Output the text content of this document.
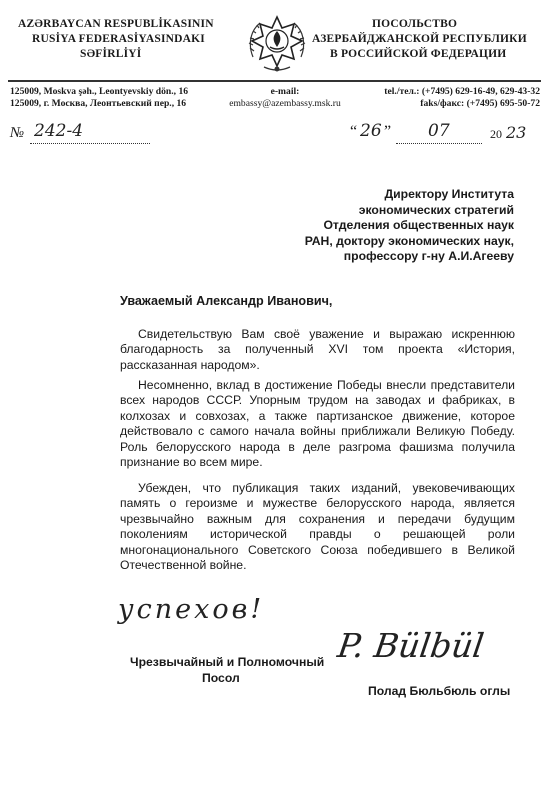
AZƏRBAYCAN RESPUBLİKASININ
RUSİYA FEDERASİYASINDAKI
SƏFİRLİYİ
ПОСОЛЬСТВО
АЗЕРБАЙДЖАНСКОЙ РЕСПУБЛИКИ
В РОССИЙСКОЙ ФЕДЕРАЦИИ
125009, Moskva şəh., Leontyevskiy dön., 16
125009, г. Москва, Леонтьевский пер., 16
e-mail:
embassy@azembassy.msk.ru
tel./тел.: (+7495) 629-16-49, 629-43-32
faks/факс: (+7495) 695-50-72
№ 242-4	“ 26 ” 07	20 23
Директору Института
экономических стратегий
Отделения общественных наук
РАН, доктору экономических наук,
профессору г-ну А.И.Агееву
Уважаемый Александр Иванович,
Свидетельствую Вам своё уважение и выражаю искреннюю благодарность за полученный XVI том проекта «История, рассказанная народом».
Несомненно, вклад в достижение Победы внесли представители всех народов СССР. Упорным трудом на заводах и фабриках, в колхозах и совхозах, а также партизанское движение, которое действовало с самого начала войны приближали Великую Победу. Роль белорусского народа в деле разгрома фашизма получила признание во всем мире.
Убежден, что публикация таких изданий, увековечивающих память о героизме и мужестве белорусского народа, является чрезвычайно важным для сохранения и передачи будущим поколениям исторической правды о решающей роли многонационального Советского Союза победившего в Великой Отечественной войне.
успехов!
Чрезвычайный и Полномочный
Посол
P. Bülbül
Полад Бюльбюль оглы
